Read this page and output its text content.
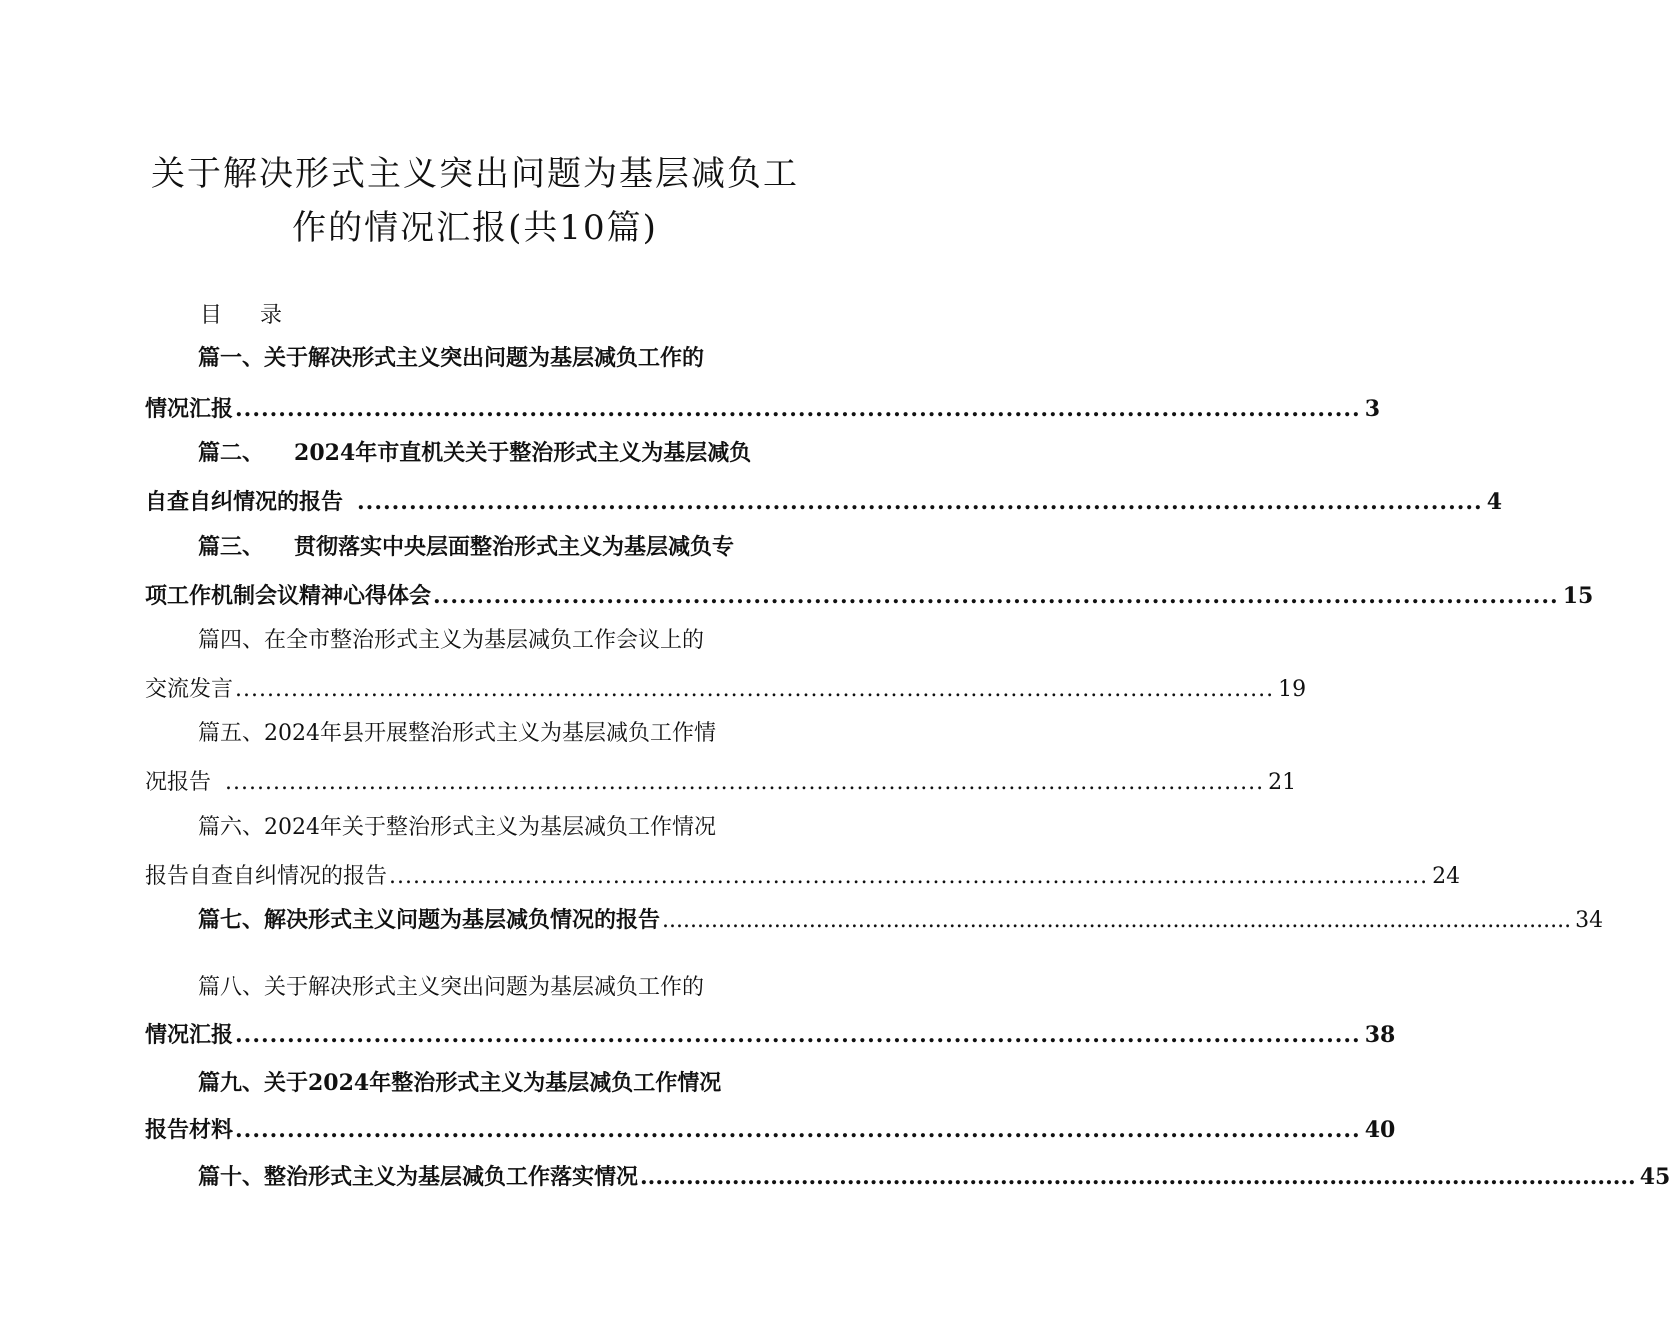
关于解决形式主义突出问题为基层减负工
作的情况汇报(共10篇)
目 录
篇一、关于解决形式主义突出问题为基层减负工作的
情况汇报 .................................................................................................................................. 3
篇二、 2024年市直机关关于整治形式主义为基层减负
自查自纠情况的报告 .................................................................................................................................. 4
篇三、 贯彻落实中央层面整治形式主义为基层减负专
项工作机制会议精神心得体会 .................................................................................................................................. 15
篇四、在全市整治形式主义为基层减负工作会议上的
交流发言 .................................................................................................................................. 19
篇五、2024年县开展整治形式主义为基层减负工作情
况报告 .................................................................................................................................. 21
篇六、2024年关于整治形式主义为基层减负工作情况
报告自查自纠情况的报告 .................................................................................................................................. 24
篇七、解决形式主义问题为基层减负情况的报告 .................................................................................................................................. 34
篇八、关于解决形式主义突出问题为基层减负工作的
情况汇报 .................................................................................................................................. 38
篇九、关于2024年整治形式主义为基层减负工作情况
报告材料 .................................................................................................................................. 40
篇十、整治形式主义为基层减负工作落实情况 .................................................................................................................................. 45
